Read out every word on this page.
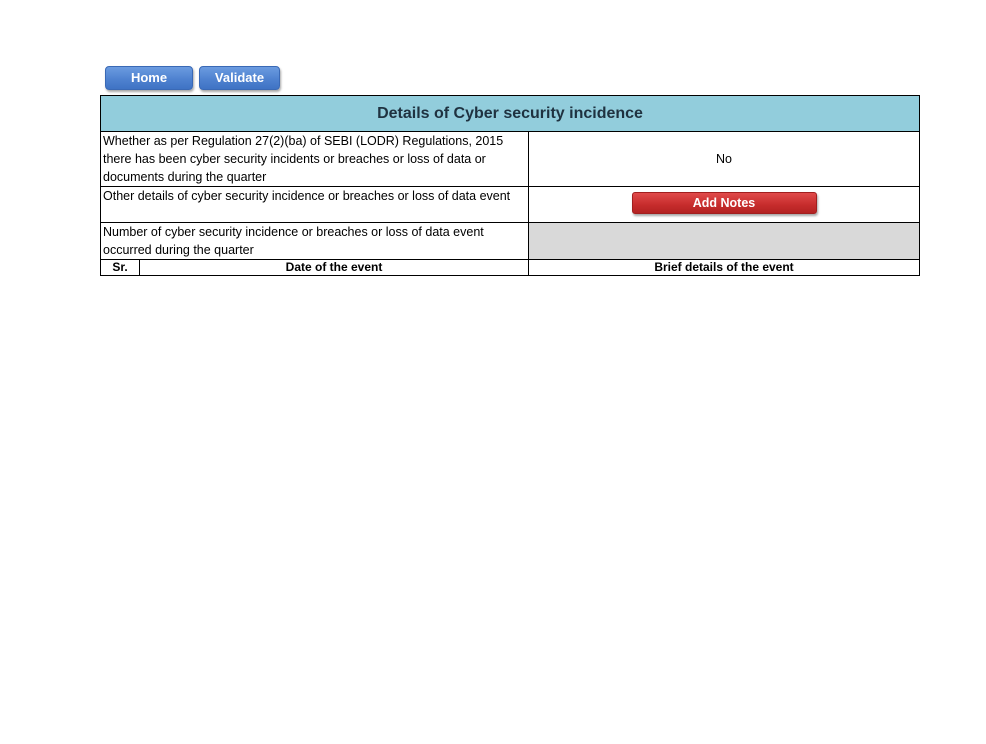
Home	Validate
Details of Cyber security incidence		
Whether as per Regulation 27(2)(ba) of SEBI (LODR) Regulations, 2015 there has been cyber security incidents or breaches or loss of data or documents during the quarter		No
Other details of cyber security incidence or breaches or loss of data event		Add Notes
Number of cyber security incidence or breaches or loss of data event occurred during the quarter		
Sr.	Date of the event	Brief details of the event
